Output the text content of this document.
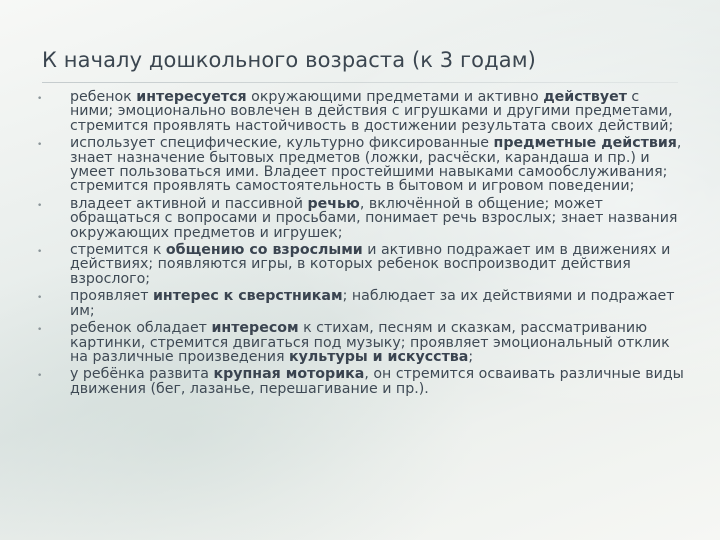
К началу дошкольного возраста (к 3 годам)
• ребенок интересуется окружающими предметами и активно действует с ними; эмоционально вовлечен в действия с игрушками и другими предметами, стремится проявлять настойчивость в достижении результата своих действий;
• использует специфические, культурно фиксированные предметные действия, знает назначение бытовых предметов (ложки, расчёски, карандаша и пр.) и умеет пользоваться ими. Владеет простейшими навыками самообслуживания; стремится проявлять самостоятельность в бытовом и игровом поведении;
• владеет активной и пассивной речью, включённой в общение; может обращаться с вопросами и просьбами, понимает речь взрослых; знает названия окружающих предметов и игрушек;
• стремится к общению со взрослыми и активно подражает им в движениях и действиях; появляются игры, в которых ребенок воспроизводит действия взрослого;
• проявляет интерес к сверстникам; наблюдает за их действиями и подражает им;
• ребенок обладает интересом к стихам, песням и сказкам, рассматриванию картинки, стремится двигаться под музыку; проявляет эмоциональный отклик на различные произведения культуры и искусства;
• у ребёнка развита крупная моторика, он стремится осваивать различные виды движения (бег, лазанье, перешагивание и пр.).
